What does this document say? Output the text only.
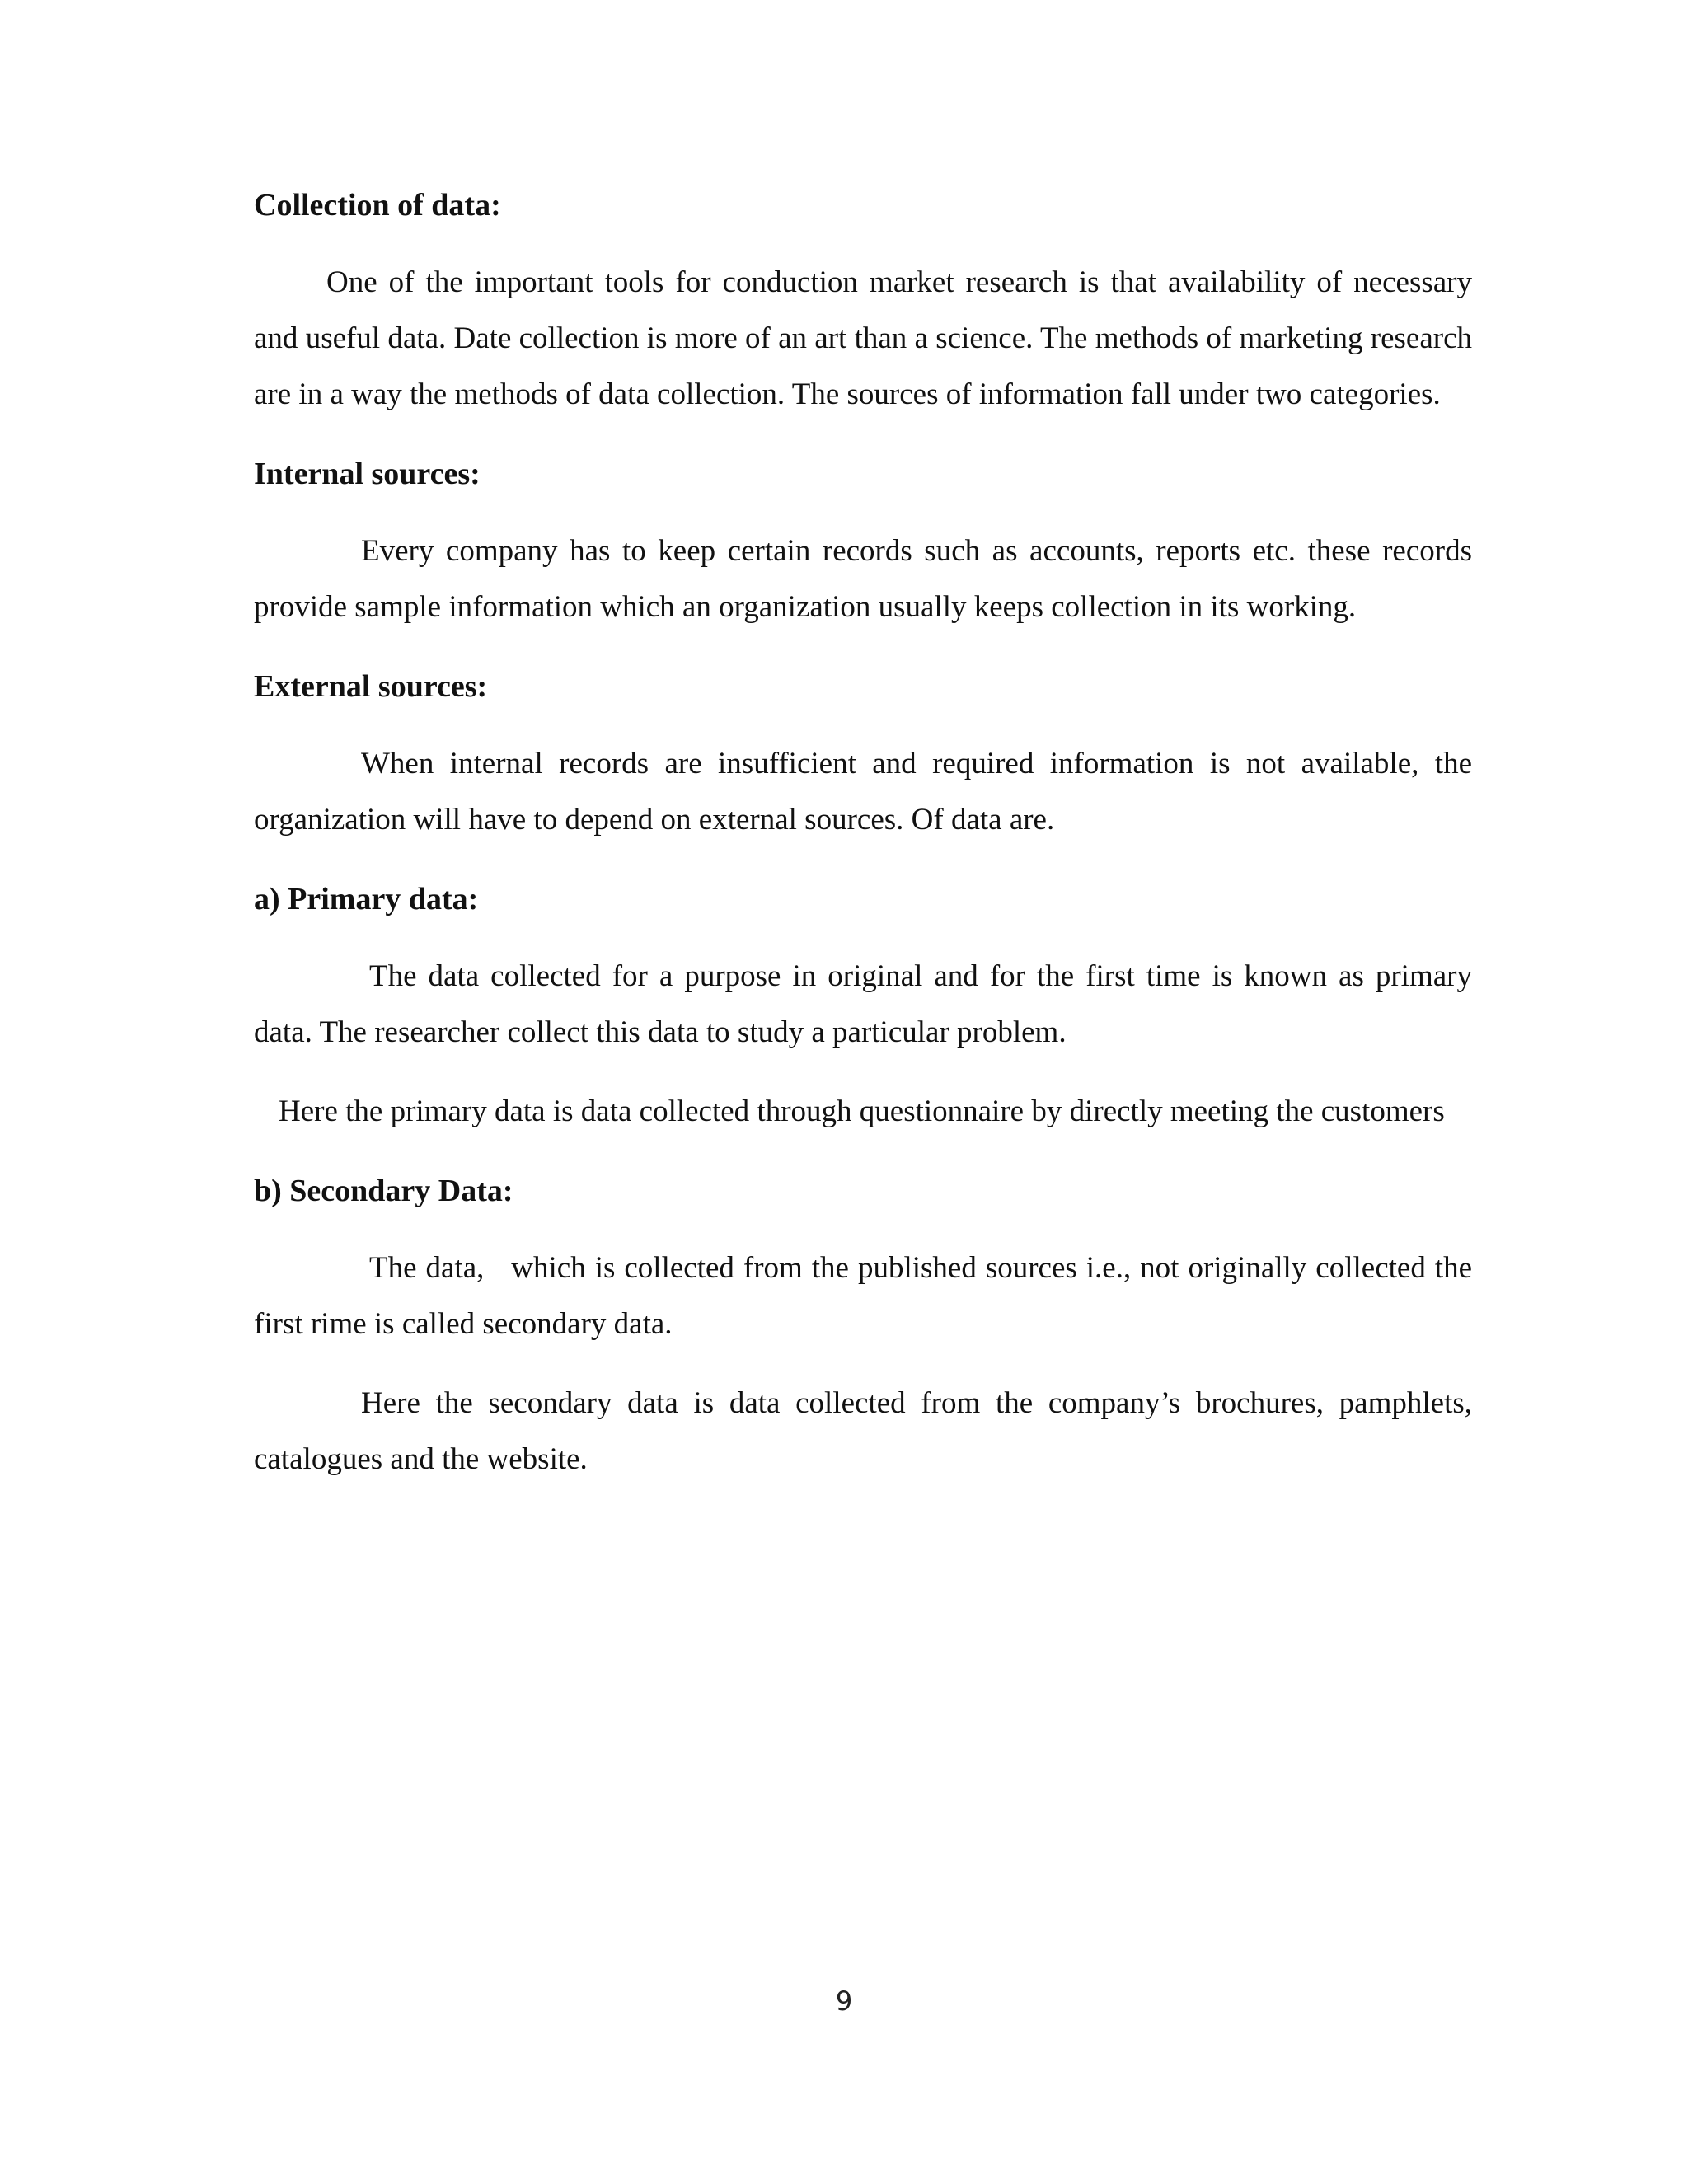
Collection of data:

One of the important tools for conduction market research is that availability of necessary and useful data. Date collection is more of an art than a science. The methods of marketing research are in a way the methods of data collection. The sources of information fall under two categories.

Internal sources:

Every company has to keep certain records such as accounts, reports etc. these records provide sample information which an organization usually keeps collection in its working.

External sources:

When internal records are insufficient and required information is not available, the organization will have to depend on external sources. Of data are.

a) Primary data:

The data collected for a purpose in original and for the first time is known as primary data. The researcher collect this data to study a particular problem.

Here the primary data is data collected through questionnaire by directly meeting the customers

b) Secondary Data:

The data,   which is collected from the published sources i.e., not originally collected the first rime is called secondary data.

Here the secondary data is data collected from the company’s brochures, pamphlets, catalogues and the website.

9
